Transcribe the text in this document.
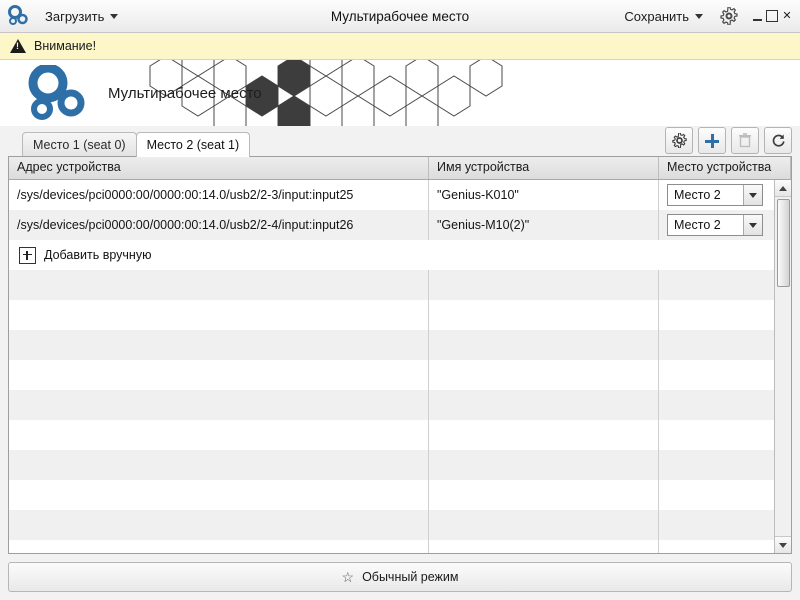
Загрузить	Мультирабочее место	Сохранить	✕
!
Внимание!
Мультирабочее место
Место 1 (seat 0)	Место 2 (seat 1)
Адрес устройства	Имя устройства	Место устройства
/sys/devices/pci0000:00/0000:00:14.0/usb2/2-3/input:input25	"Genius-K010"	Место 2
/sys/devices/pci0000:00/0000:00:14.0/usb2/2-4/input:input26	"Genius-M10(2)"	Место 2
Добавить вручную
☆ Обычный режим
